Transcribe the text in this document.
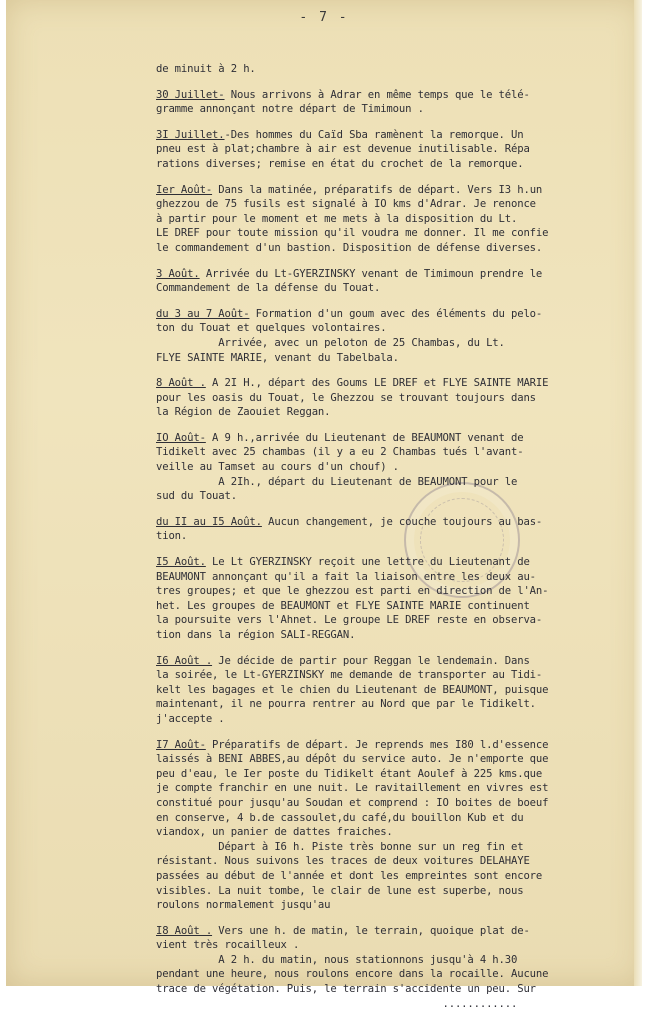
- 7 -
de minuit à 2 h.
30 Juillet- Nous arrivons à Adrar en même temps que le télé-
gramme annonçant notre départ de Timimoun .
3I Juillet.-Des hommes du Caïd Sba ramènent la remorque. Un
pneu est à plat;chambre à air est devenue inutilisable. Répa
rations diverses; remise en état du crochet de la remorque.
Ier Août- Dans la matinée, préparatifs de départ. Vers I3 h.un
ghezzou de 75 fusils est signalé à IO kms d'Adrar. Je renonce
à partir pour le moment et me mets à la disposition du Lt.
LE DREF pour toute mission qu'il voudra me donner. Il me confie
le commandement d'un bastion. Disposition de défense diverses.
3 Août. Arrivée du Lt-GYERZINSKY venant de Timimoun prendre le
Commandement de la défense du Touat.
du 3 au 7 Août- Formation d'un goum avec des éléments du pelo-
ton du Touat et quelques volontaires.
Arrivée, avec un peloton de 25 Chambas, du Lt.
FLYE SAINTE MARIE, venant du Tabelbala.
8 Août . A 2I H., départ des Goums LE DREF et FLYE SAINTE MARIE
pour les oasis du Touat, le Ghezzou se trouvant toujours dans
la Région de Zaouiet Reggan.
IO Août- A 9 h.,arrivée du Lieutenant de BEAUMONT venant de
Tidikelt avec 25 chambas (il y a eu 2 Chambas tués l'avant-
veille au Tamset au cours d'un chouf) .
A 2Ih., départ du Lieutenant de BEAUMONT pour le
sud du Touat.
du II au I5 Août. Aucun changement, je couche toujours au bas-
tion.
I5 Août. Le Lt GYERZINSKY reçoit une lettre du Lieutenant de
BEAUMONT annonçant qu'il a fait la liaison entre les deux au-
tres groupes; et que le ghezzou est parti en direction de l'An-
het. Les groupes de BEAUMONT et FLYE SAINTE MARIE continuent
la poursuite vers l'Ahnet. Le groupe LE DREF reste en observa-
tion dans la région SALI-REGGAN.
I6 Août . Je décide de partir pour Reggan le lendemain. Dans
la soirée, le Lt-GYERZINSKY me demande de transporter au Tidi-
kelt les bagages et le chien du Lieutenant de BEAUMONT, puisque
maintenant, il ne pourra rentrer au Nord que par le Tidikelt.
j'accepte .
I7 Août- Préparatifs de départ. Je reprends mes I80 l.d'essence
laissés à BENI ABBES,au dépôt du service auto. Je n'emporte que
peu d'eau, le Ier poste du Tidikelt étant Aoulef à 225 kms.que
je compte franchir en une nuit. Le ravitaillement en vivres est
constitué pour jusqu'au Soudan et comprend : IO boites de boeuf
en conserve, 4 b.de cassoulet,du café,du bouillon Kub et du
viandox, un panier de dattes fraiches.
Départ à I6 h. Piste très bonne sur un reg fin et
résistant. Nous suivons les traces de deux voitures DELAHAYE
passées au début de l'année et dont les empreintes sont encore
visibles. La nuit tombe, le clair de lune est superbe, nous
roulons normalement jusqu'au
I8 Août . Vers une h. de matin, le terrain, quoique plat de-
vient très rocailleux .
A 2 h. du matin, nous stationnons jusqu'à 4 h.30
pendant une heure, nous roulons encore dans la rocaille. Aucune
trace de végétation. Puis, le terrain s'accidente un peu. Sur
............
